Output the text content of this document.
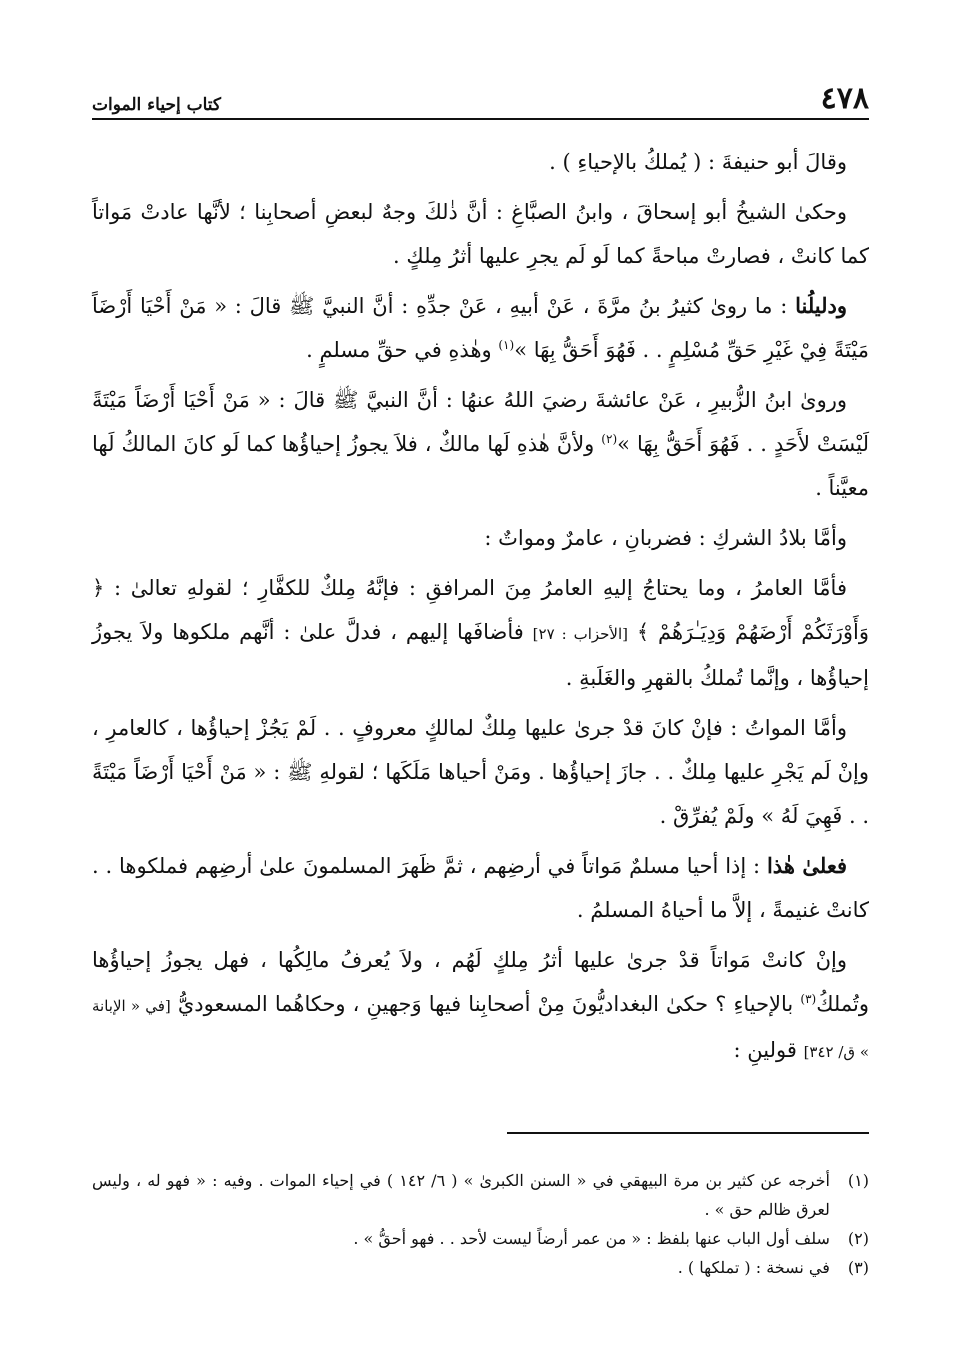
٤٧٨
كتاب إحياء الموات

وقالَ أبو حنيفةَ : ( يُملكُ بالإحياءِ ) .

وحكىٰ الشيخُ أبو إسحاقَ ، وابنُ الصبَّاغِ : أنَّ ذٰلكَ وجهٌ لبعضِ أصحابِنا ؛ لأنَّها عادتْ مَواتاً كما كانتْ ، فصارتْ مباحةً كما لَو لَم يجرِ عليها أثرُ مِلكٍ .

ودليلُنا : ما روىٰ كثيرُ بنُ مرَّةَ ، عَنْ أبيهِ ، عَنْ جدِّهِ : أنَّ النبيَّ ﷺ قالَ : « مَنْ أَحْيَا أَرْضَاً مَيْتَةً فِيْ غَيْرِ حَقِّ مُسْلِمٍ . . فَهُوَ أَحَقُّ بِهَا »$^{(١)}$ وهٰذهِ في حقِّ مسلمٍ .

وروىٰ ابنُ الزُّبيرِ ، عَنْ عائشةَ رضيَ اللهُ عنهُا : أنَّ النبيَّ ﷺ قالَ : « مَنْ أَحْيَا أَرْضَاً مَيْتَةً لَيْسَتْ لأَحَدٍ . . فَهُوَ أَحَقُّ بِهَا »$^{(٢)}$ ولأنَّ هٰذهِ لَها مالكٌ ، فلاَ يجوزُ إحياؤُها كما لَو كانَ المالكُ لَها معيَّناً .

وأمَّا بلادُ الشركِ : فضربانِ ، عامرٌ ومواتٌ :

فأمَّا العامرُ ، وما يحتاجُ إليهِ العامرُ مِنَ المرافقِ : فإنَّهُ مِلكٌ للكفَّارِ ؛ لقولهِ تعالىٰ : ﴿ وَأَوْرَثَكُمْ أَرْضَهُمْ وَدِيَـٰرَهُمْ ﴾ [الأحزاب : ٢٧] فأضافَها إليهم ، فدلَّ علىٰ : أنَّهم ملكوها ولاَ يجوزُ إحياؤُها ، وإنَّما تُملكُ بالقهرِ والغَلَبةِ .

وأمَّا المواتُ : فإنْ كانَ قدْ جرىٰ عليها مِلكٌ لمالكٍ معروفٍ . . لَمْ يَجُزْ إحياؤُها ، كالعامرِ ، وإنْ لَم يَجْرِ عليها مِلكٌ . . جازَ إحياؤُها . ومَنْ أحياها مَلَكَها ؛ لقولهِ ﷺ : « مَنْ أَحْيَا أَرْضَاً مَيْتَةً . . فَهِيَ لَهُ » ولَمْ يُفرِّقْ .

فعلىٰ هٰذا : إذا أحيا مسلمٌ مَواتاً في أرضِهم ، ثمَّ ظَهرَ المسلمونَ علىٰ أرضِهم فملكوها . . كانتْ غنيمةً ، إلاَّ ما أحياهُ المسلمُ .

وإنْ كانتْ مَواتاً قدْ جرىٰ عليها أثرُ مِلكٍ لَهُم ، ولاَ يُعرفُ مالِكُها ، فهل يجوزُ إحياؤُها وتُملكُ$^{(٣)}$ بالإحياءِ ؟ حكىٰ البغداديُّونَ مِنْ أصحابِنا فيها وَجهينِ ، وحكاهُما المسعوديُّ [في « الإبانة » ق/ ٣٤٢] قولينِ :

(١)
أخرجه عن كثير بن مرة البيهقي في « السنن الكبرىٰ » ( ٦/ ١٤٢ ) في إحياء الموات . وفيه : « فهو له ، وليس لعرق ظالم حق » .
(٢)
سلف أول الباب عنها بلفظ : « من عمر أرضاً ليست لأحد . . فهو أحقُّ » .
(٣)
في نسخة : ( تملكها ) .
